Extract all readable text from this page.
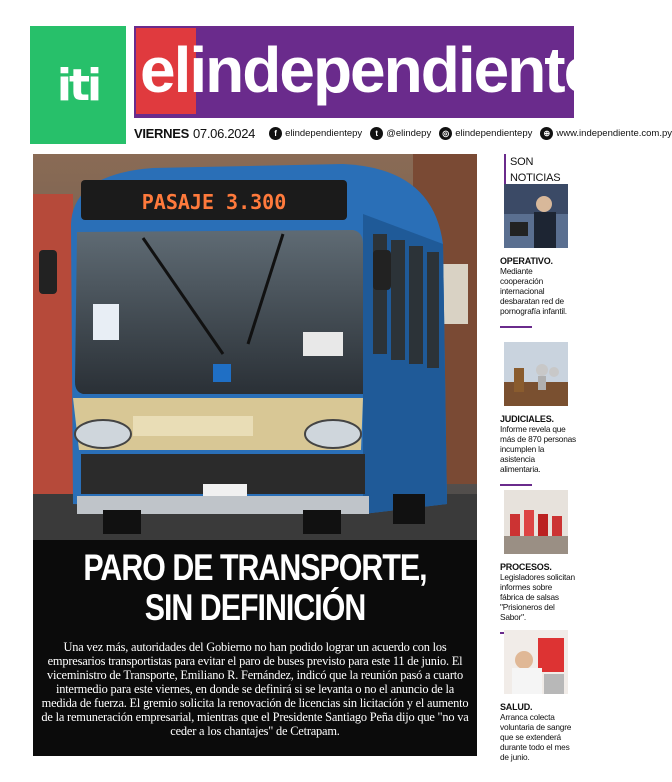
iti elindependiente
VIERNES 07.06.2024	f elindependientepy	t @elindepy	◎ elindependientepy	⊕ www.independiente.com.py
PASAJE 3.300
PARO DE TRANSPORTE,
SIN DEFINICIÓN

Una vez más, autoridades del Gobierno no han podido lograr un acuerdo con los empresarios transportistas para evitar el paro de buses previsto para este 11 de junio. El viceministro de Transporte, Emiliano R. Fernández, indicó que la reunión pasó a cuarto intermedio para este viernes, en donde se definirá si se levanta o no el anuncio de la medida de fuerza. El gremio solicita la renovación de licencias sin licitación y el aumento de la remuneración empresarial, mientras que el Presidente Santiago Peña dijo que "no va ceder a los chantajes" de Cetrapam.

SON NOTICIAS
OPERATIVO.
Mediante cooperación internacional desbaratan red de pornografía infantil.
JUDICIALES.
Informe revela que más de 870 personas incumplen la asistencia alimentaria.
PROCESOS.
Legisladores solicitan informes sobre fábrica de salsas "Prisioneros del Sabor".
SALUD.
Arranca colecta voluntaria de sangre que se extenderá durante todo el mes de junio.
